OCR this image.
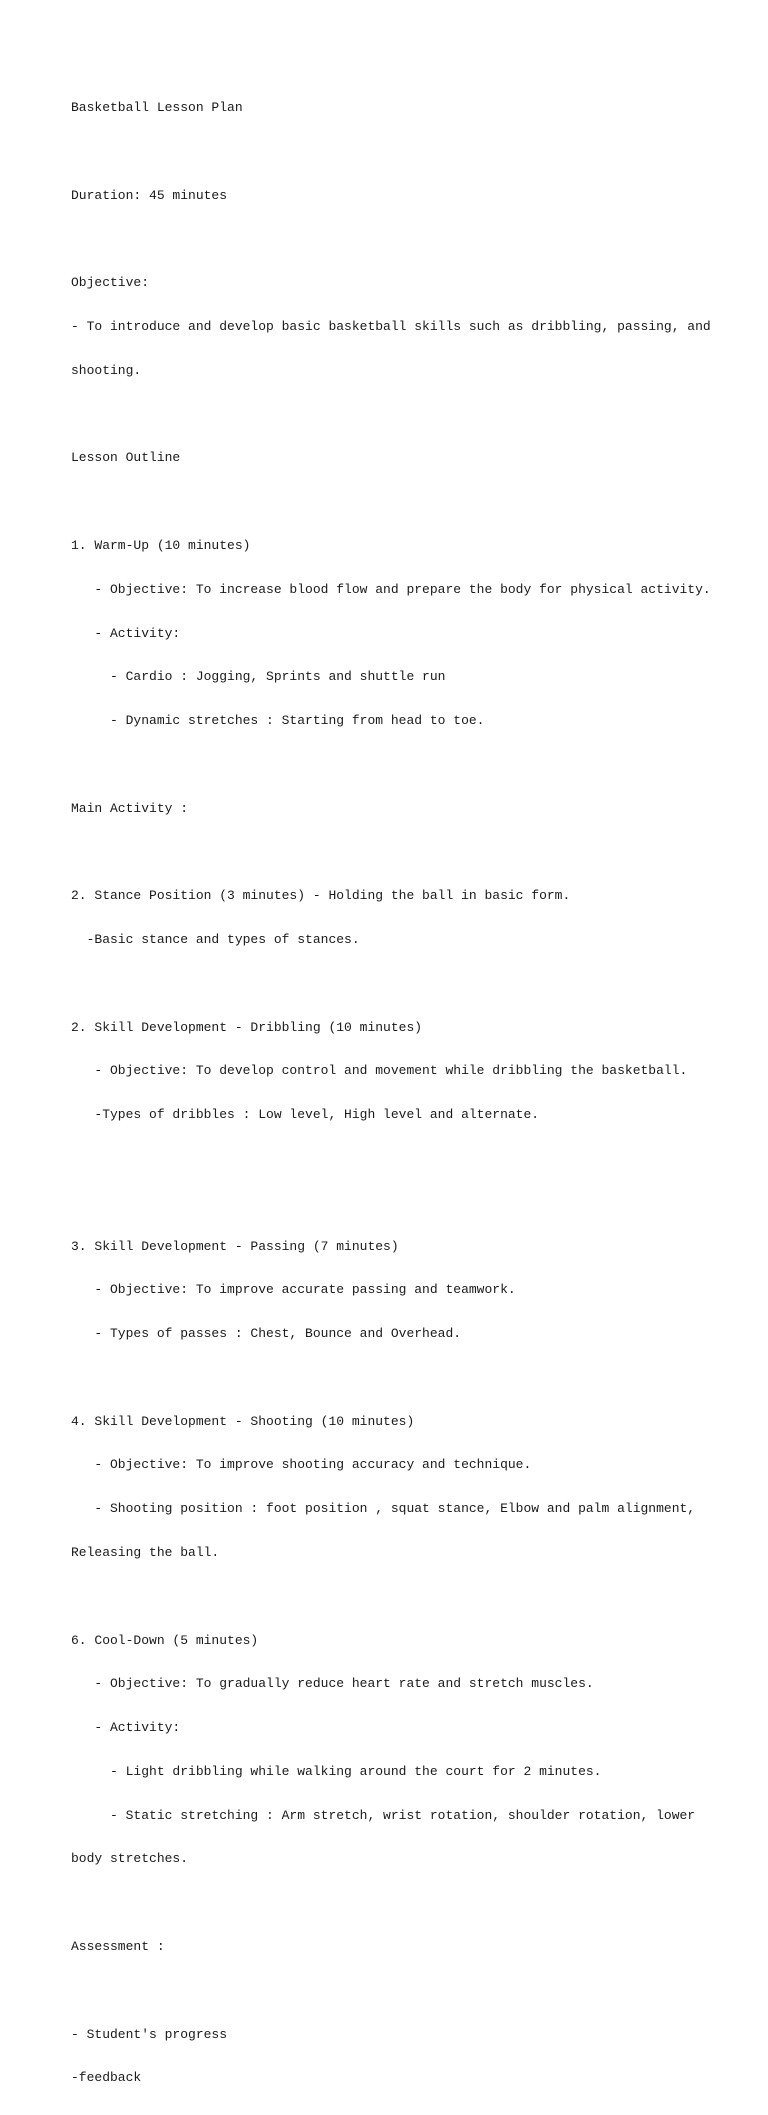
Basketball Lesson Plan

Duration: 45 minutes

Objective:

- To introduce and develop basic basketball skills such as dribbling, passing, and

shooting.

Lesson Outline

1. Warm-Up (10 minutes)

- Objective: To increase blood flow and prepare the body for physical activity.

- Activity:

- Cardio : Jogging, Sprints and shuttle run

- Dynamic stretches : Starting from head to toe.

Main Activity :

2. Stance Position (3 minutes) - Holding the ball in basic form.

-Basic stance and types of stances.

2. Skill Development - Dribbling (10 minutes)

- Objective: To develop control and movement while dribbling the basketball.

-Types of dribbles : Low level, High level and alternate.

3. Skill Development - Passing (7 minutes)

- Objective: To improve accurate passing and teamwork.

- Types of passes : Chest, Bounce and Overhead.

4. Skill Development - Shooting (10 minutes)

- Objective: To improve shooting accuracy and technique.

- Shooting position : foot position , squat stance, Elbow and palm alignment,

Releasing the ball.

6. Cool-Down (5 minutes)

- Objective: To gradually reduce heart rate and stretch muscles.

- Activity:

- Light dribbling while walking around the court for 2 minutes.

- Static stretching : Arm stretch, wrist rotation, shoulder rotation, lower

body stretches.

Assessment :

- Student's progress

-feedback
